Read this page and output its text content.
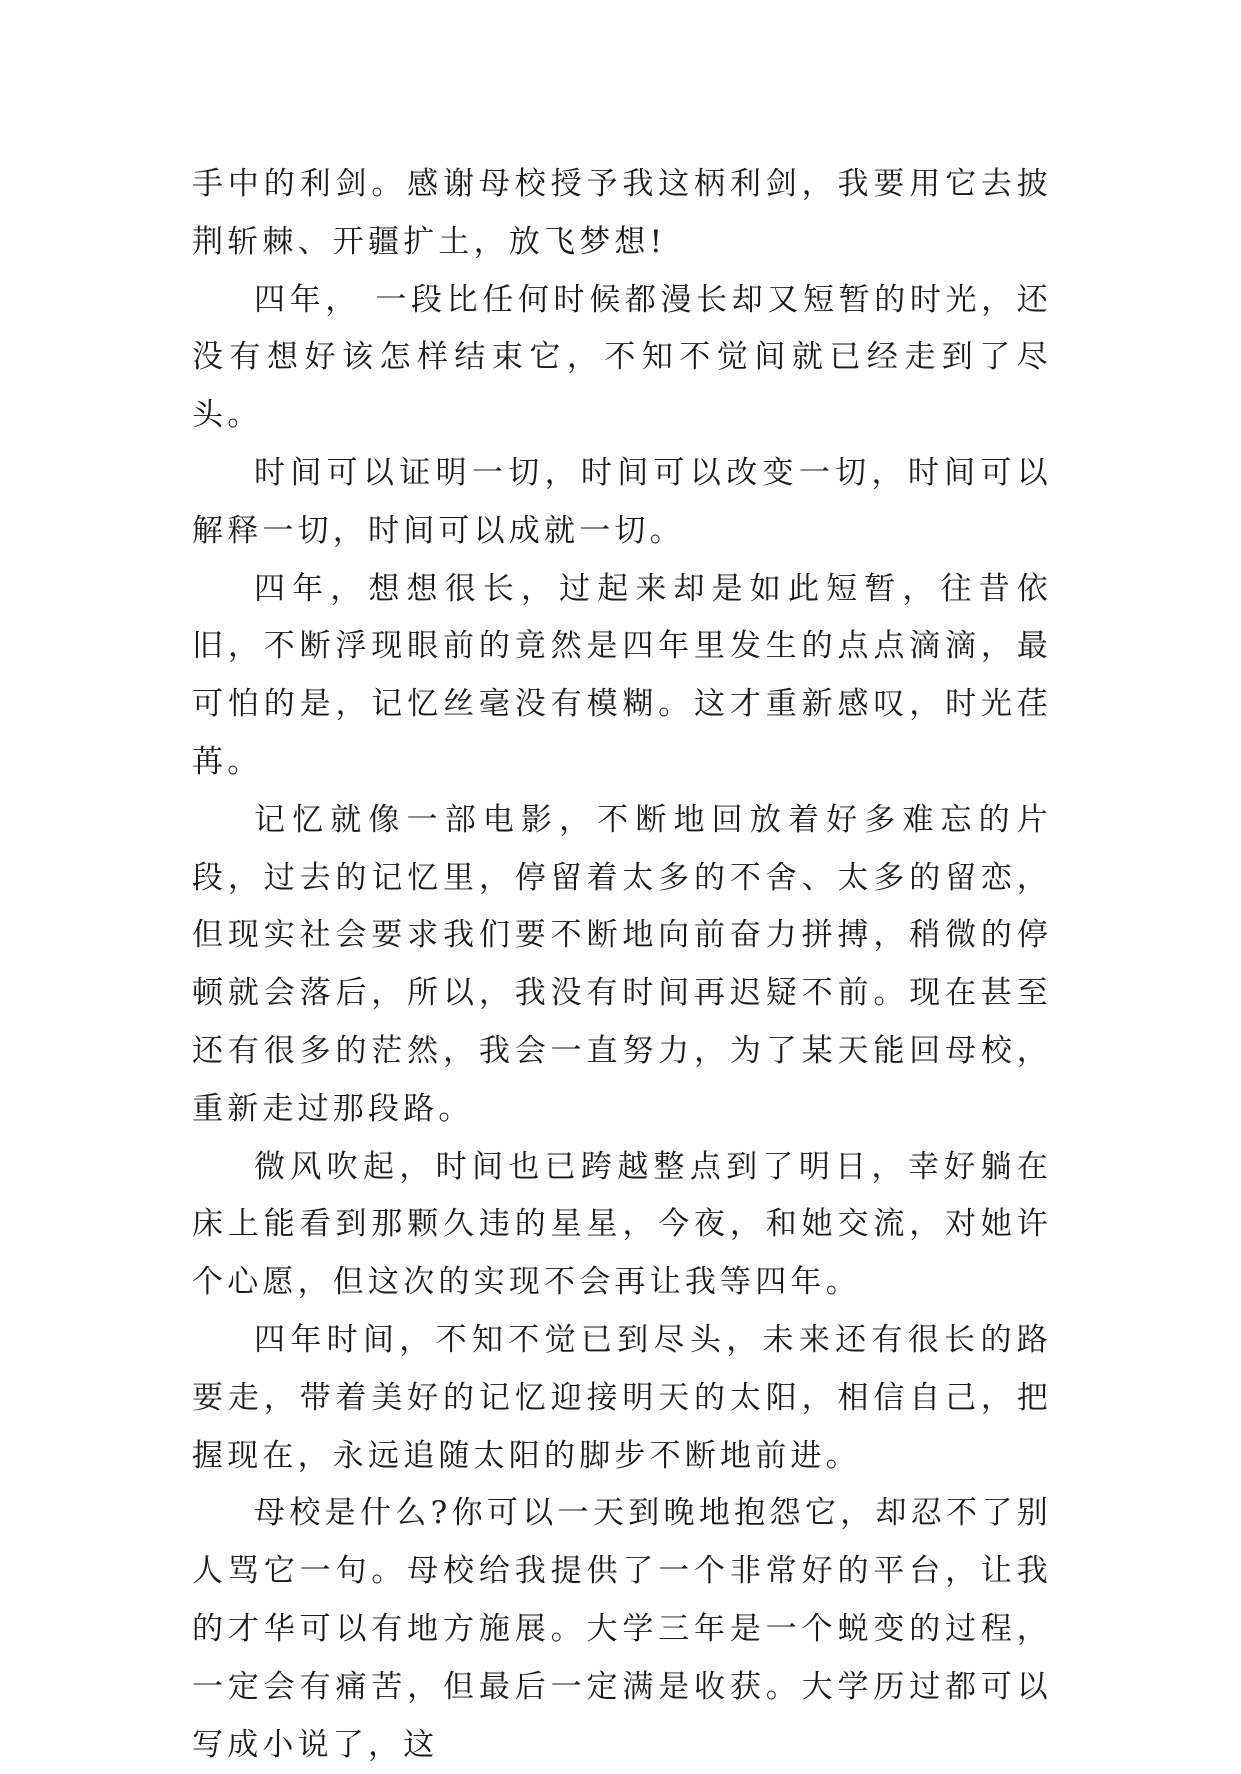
手中的利剑。感谢母校授予我这柄利剑，我要用它去披荆斩棘、开疆扩土，放飞梦想!

四年， 一段比任何时候都漫长却又短暂的时光，还没有想好该怎样结束它，不知不觉间就已经走到了尽头。

时间可以证明一切，时间可以改变一切，时间可以解释一切，时间可以成就一切。

四年，想想很长，过起来却是如此短暂，往昔依旧，不断浮现眼前的竟然是四年里发生的点点滴滴，最可怕的是，记忆丝毫没有模糊。这才重新感叹，时光荏苒。

记忆就像一部电影，不断地回放着好多难忘的片段，过去的记忆里，停留着太多的不舍、太多的留恋，但现实社会要求我们要不断地向前奋力拼搏，稍微的停顿就会落后，所以，我没有时间再迟疑不前。现在甚至还有很多的茫然，我会一直努力，为了某天能回母校，重新走过那段路。

微风吹起，时间也已跨越整点到了明日，幸好躺在床上能看到那颗久违的星星，今夜，和她交流，对她许个心愿，但这次的实现不会再让我等四年。

四年时间，不知不觉已到尽头，未来还有很长的路要走，带着美好的记忆迎接明天的太阳，相信自己，把握现在，永远追随太阳的脚步不断地前进。

母校是什么?你可以一天到晚地抱怨它，却忍不了别人骂它一句。母校给我提供了一个非常好的平台，让我的才华可以有地方施展。大学三年是一个蜕变的过程，一定会有痛苦，但最后一定满是收获。大学历过都可以写成小说了，这
